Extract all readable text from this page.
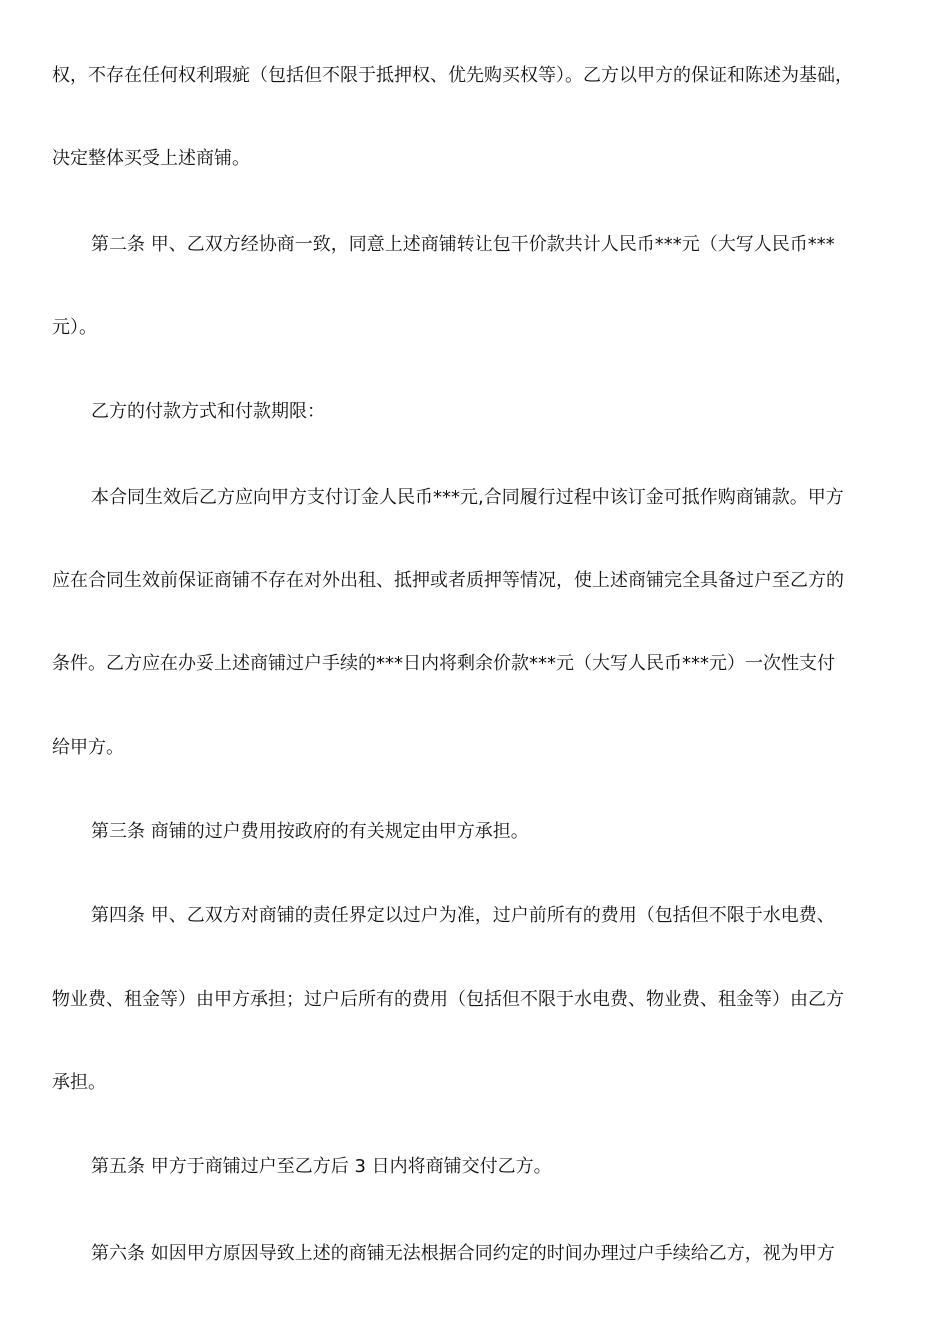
权，不存在任何权利瑕疵（包括但不限于抵押权、优先购买权等）。乙方以甲方的保证和陈述为基础，
决定整体买受上述商铺。
第二条 甲、乙双方经协商一致，同意上述商铺转让包干价款共计人民币***元（大写人民币***
元）。
乙方的付款方式和付款期限：
本合同生效后乙方应向甲方支付订金人民币***元,合同履行过程中该订金可抵作购商铺款。甲方
应在合同生效前保证商铺不存在对外出租、抵押或者质押等情况，使上述商铺完全具备过户至乙方的
条件。乙方应在办妥上述商铺过户手续的***日内将剩余价款***元（大写人民币***元）一次性支付
给甲方。
第三条 商铺的过户费用按政府的有关规定由甲方承担。
第四条 甲、乙双方对商铺的责任界定以过户为准，过户前所有的费用（包括但不限于水电费、
物业费、租金等）由甲方承担；过户后所有的费用（包括但不限于水电费、物业费、租金等）由乙方
承担。
第五条 甲方于商铺过户至乙方后 3 日内将商铺交付乙方。
第六条 如因甲方原因导致上述的商铺无法根据合同约定的时间办理过户手续给乙方，视为甲方
